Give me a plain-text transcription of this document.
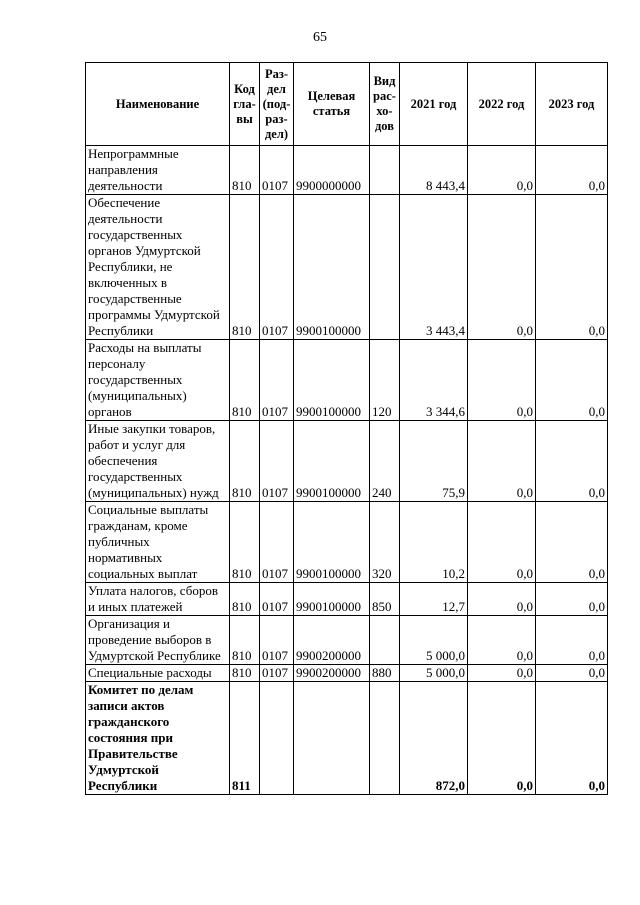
65
Наименование	Код гла- вы	Раз- дел (под- раз- дел)	Целевая статья	Вид рас- хо- дов	2021 год	2022 год	2023 год
Непрограммные направления деятельности	810	0107	9900000000		8 443,4	0,0	0,0
Обеспечение деятельности государственных органов Удмуртской Республики, не включенных в государственные программы Удмуртской Республики	810	0107	9900100000		3 443,4	0,0	0,0
Расходы на выплаты персоналу государственных (муниципальных) органов	810	0107	9900100000	120	3 344,6	0,0	0,0
Иные закупки товаров, работ и услуг для обеспечения государственных (муниципальных) нужд	810	0107	9900100000	240	75,9	0,0	0,0
Социальные выплаты гражданам, кроме публичных нормативных социальных выплат	810	0107	9900100000	320	10,2	0,0	0,0
Уплата налогов, сборов и иных платежей	810	0107	9900100000	850	12,7	0,0	0,0
Организация и проведение выборов в Удмуртской Республике	810	0107	9900200000		5 000,0	0,0	0,0
Специальные расходы	810	0107	9900200000	880	5 000,0	0,0	0,0
Комитет по делам записи актов гражданского состояния при Правительстве Удмуртской Республики	811				872,0	0,0	0,0
